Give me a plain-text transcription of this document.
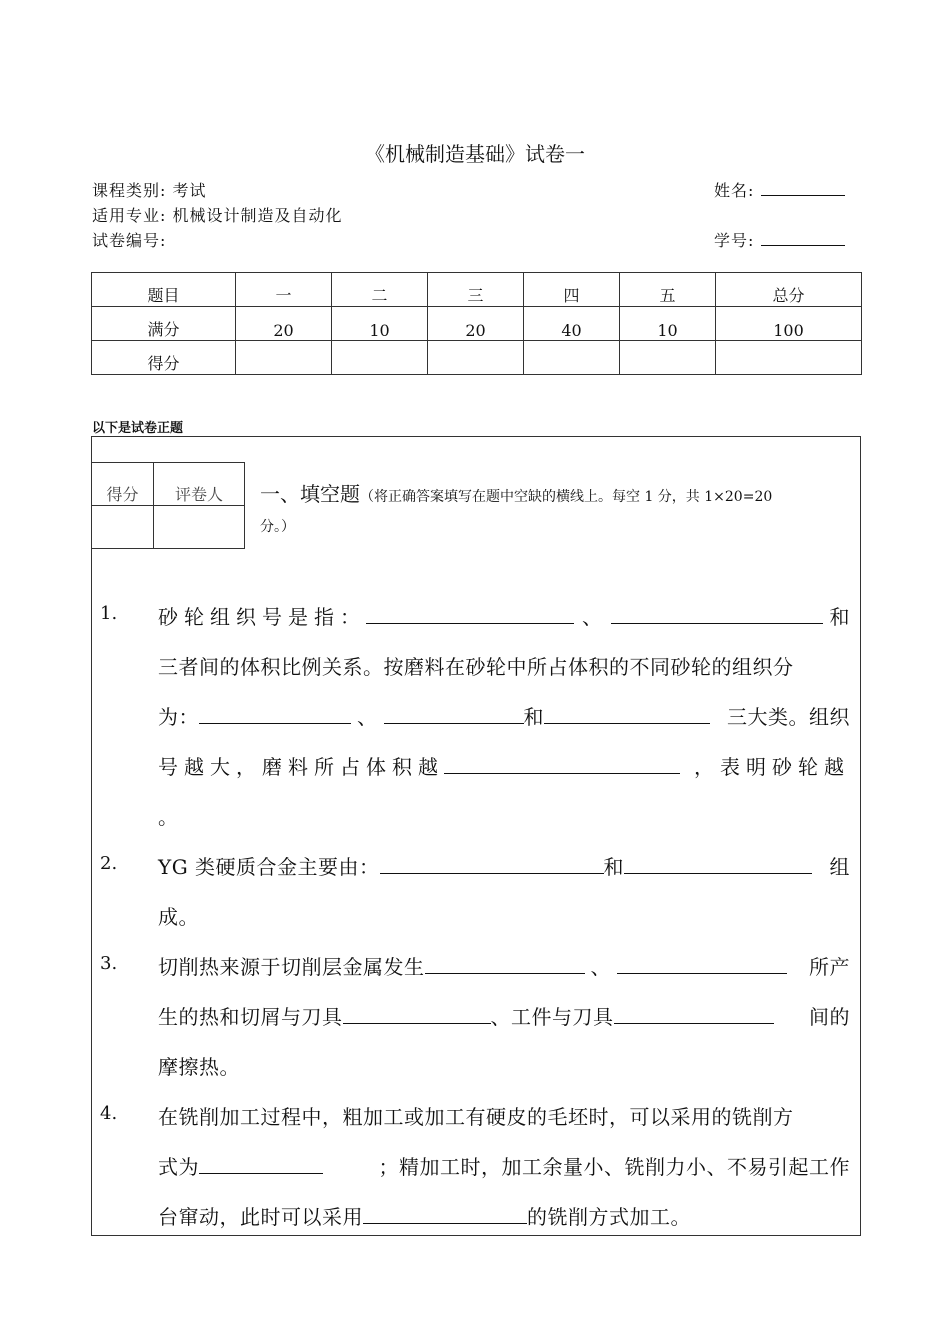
《机械制造基础》试卷一
课程类别: 考试
适用专业: 机械设计制造及自动化
试卷编号:
姓名:
学号:
题目	一	二	三	四	五	总分
满分	20	10	20	40	10	100
得分						
以下是试卷正题
得分	评卷人
	一、填空题（将正确答案填写在题中空缺的横线上。每空 1 分，共 1×20=20
分。）
1. 砂轮组织号是指：	、	和
三者间的体积比例关系。按磨料在砂轮中所占体积的不同砂轮的组织分
为：	、	和	三大类。组织
号越大，磨料所占体积越	，表明砂轮越
。
2. YG 类硬质合金主要由：	和	组
成。
3. 切削热来源于切削层金属发生	、	所产
生的热和切屑与刀具	、工件与刀具	间的
摩擦热。
4. 在铣削加工过程中，粗加工或加工有硬皮的毛坯时，可以采用的铣削方
式为	；精加工时，加工余量小、铣削力小、不易引起工作
台窜动，此时可以采用	的铣削方式加工。
